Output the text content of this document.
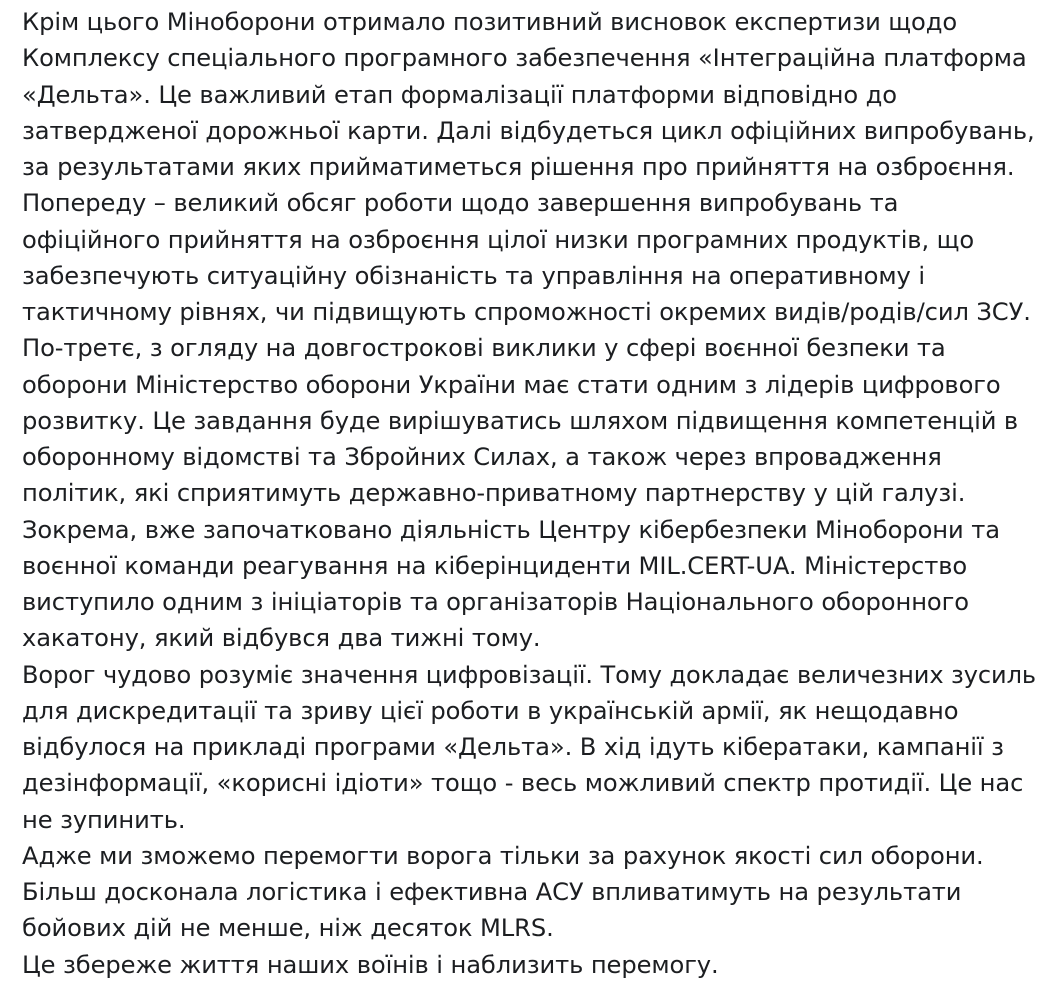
Крім цього Міноборони отримало позитивний висновок експертизи щодо
Комплексу спеціального програмного забезпечення «Інтеграційна платформа
«Дельта». Це важливий етап формалізації платформи відповідно до
затвердженої дорожньої карти. Далі відбудеться цикл офіційних випробувань,
за результатами яких прийматиметься рішення про прийняття на озброєння.
Попереду – великий обсяг роботи щодо завершення випробувань та
офіційного прийняття на озброєння цілої низки програмних продуктів, що
забезпечують ситуаційну обізнаність та управління на оперативному і
тактичному рівнях, чи підвищують спроможності окремих видів/родів/сил ЗСУ.
По-третє, з огляду на довгострокові виклики у сфері воєнної безпеки та
оборони Міністерство оборони України має стати одним з лідерів цифрового
розвитку. Це завдання буде вирішуватись шляхом підвищення компетенцій в
оборонному відомстві та Збройних Силах, а також через впровадження
політик, які сприятимуть державно-приватному партнерству у цій галузі.
Зокрема, вже започатковано діяльність Центру кібербезпеки Міноборони та
воєнної команди реагування на кіберінциденти MIL.CERT-UA. Міністерство
виступило одним з ініціаторів та організаторів Національного оборонного
хакатону, який відбувся два тижні тому.
Ворог чудово розуміє значення цифровізації. Тому докладає величезних зусиль
для дискредитації та зриву цієї роботи в українській армії, як нещодавно
відбулося на прикладі програми «Дельта». В хід ідуть кібератаки, кампанії з
дезінформації, «корисні ідіоти» тощо - весь можливий спектр протидії. Це нас
не зупинить.
Адже ми зможемо перемогти ворога тільки за рахунок якості сил оборони.
Більш досконала логістика і ефективна АСУ впливатимуть на результати
бойових дій не менше, ніж десяток MLRS.
Це збереже життя наших воїнів і наблизить перемогу.
